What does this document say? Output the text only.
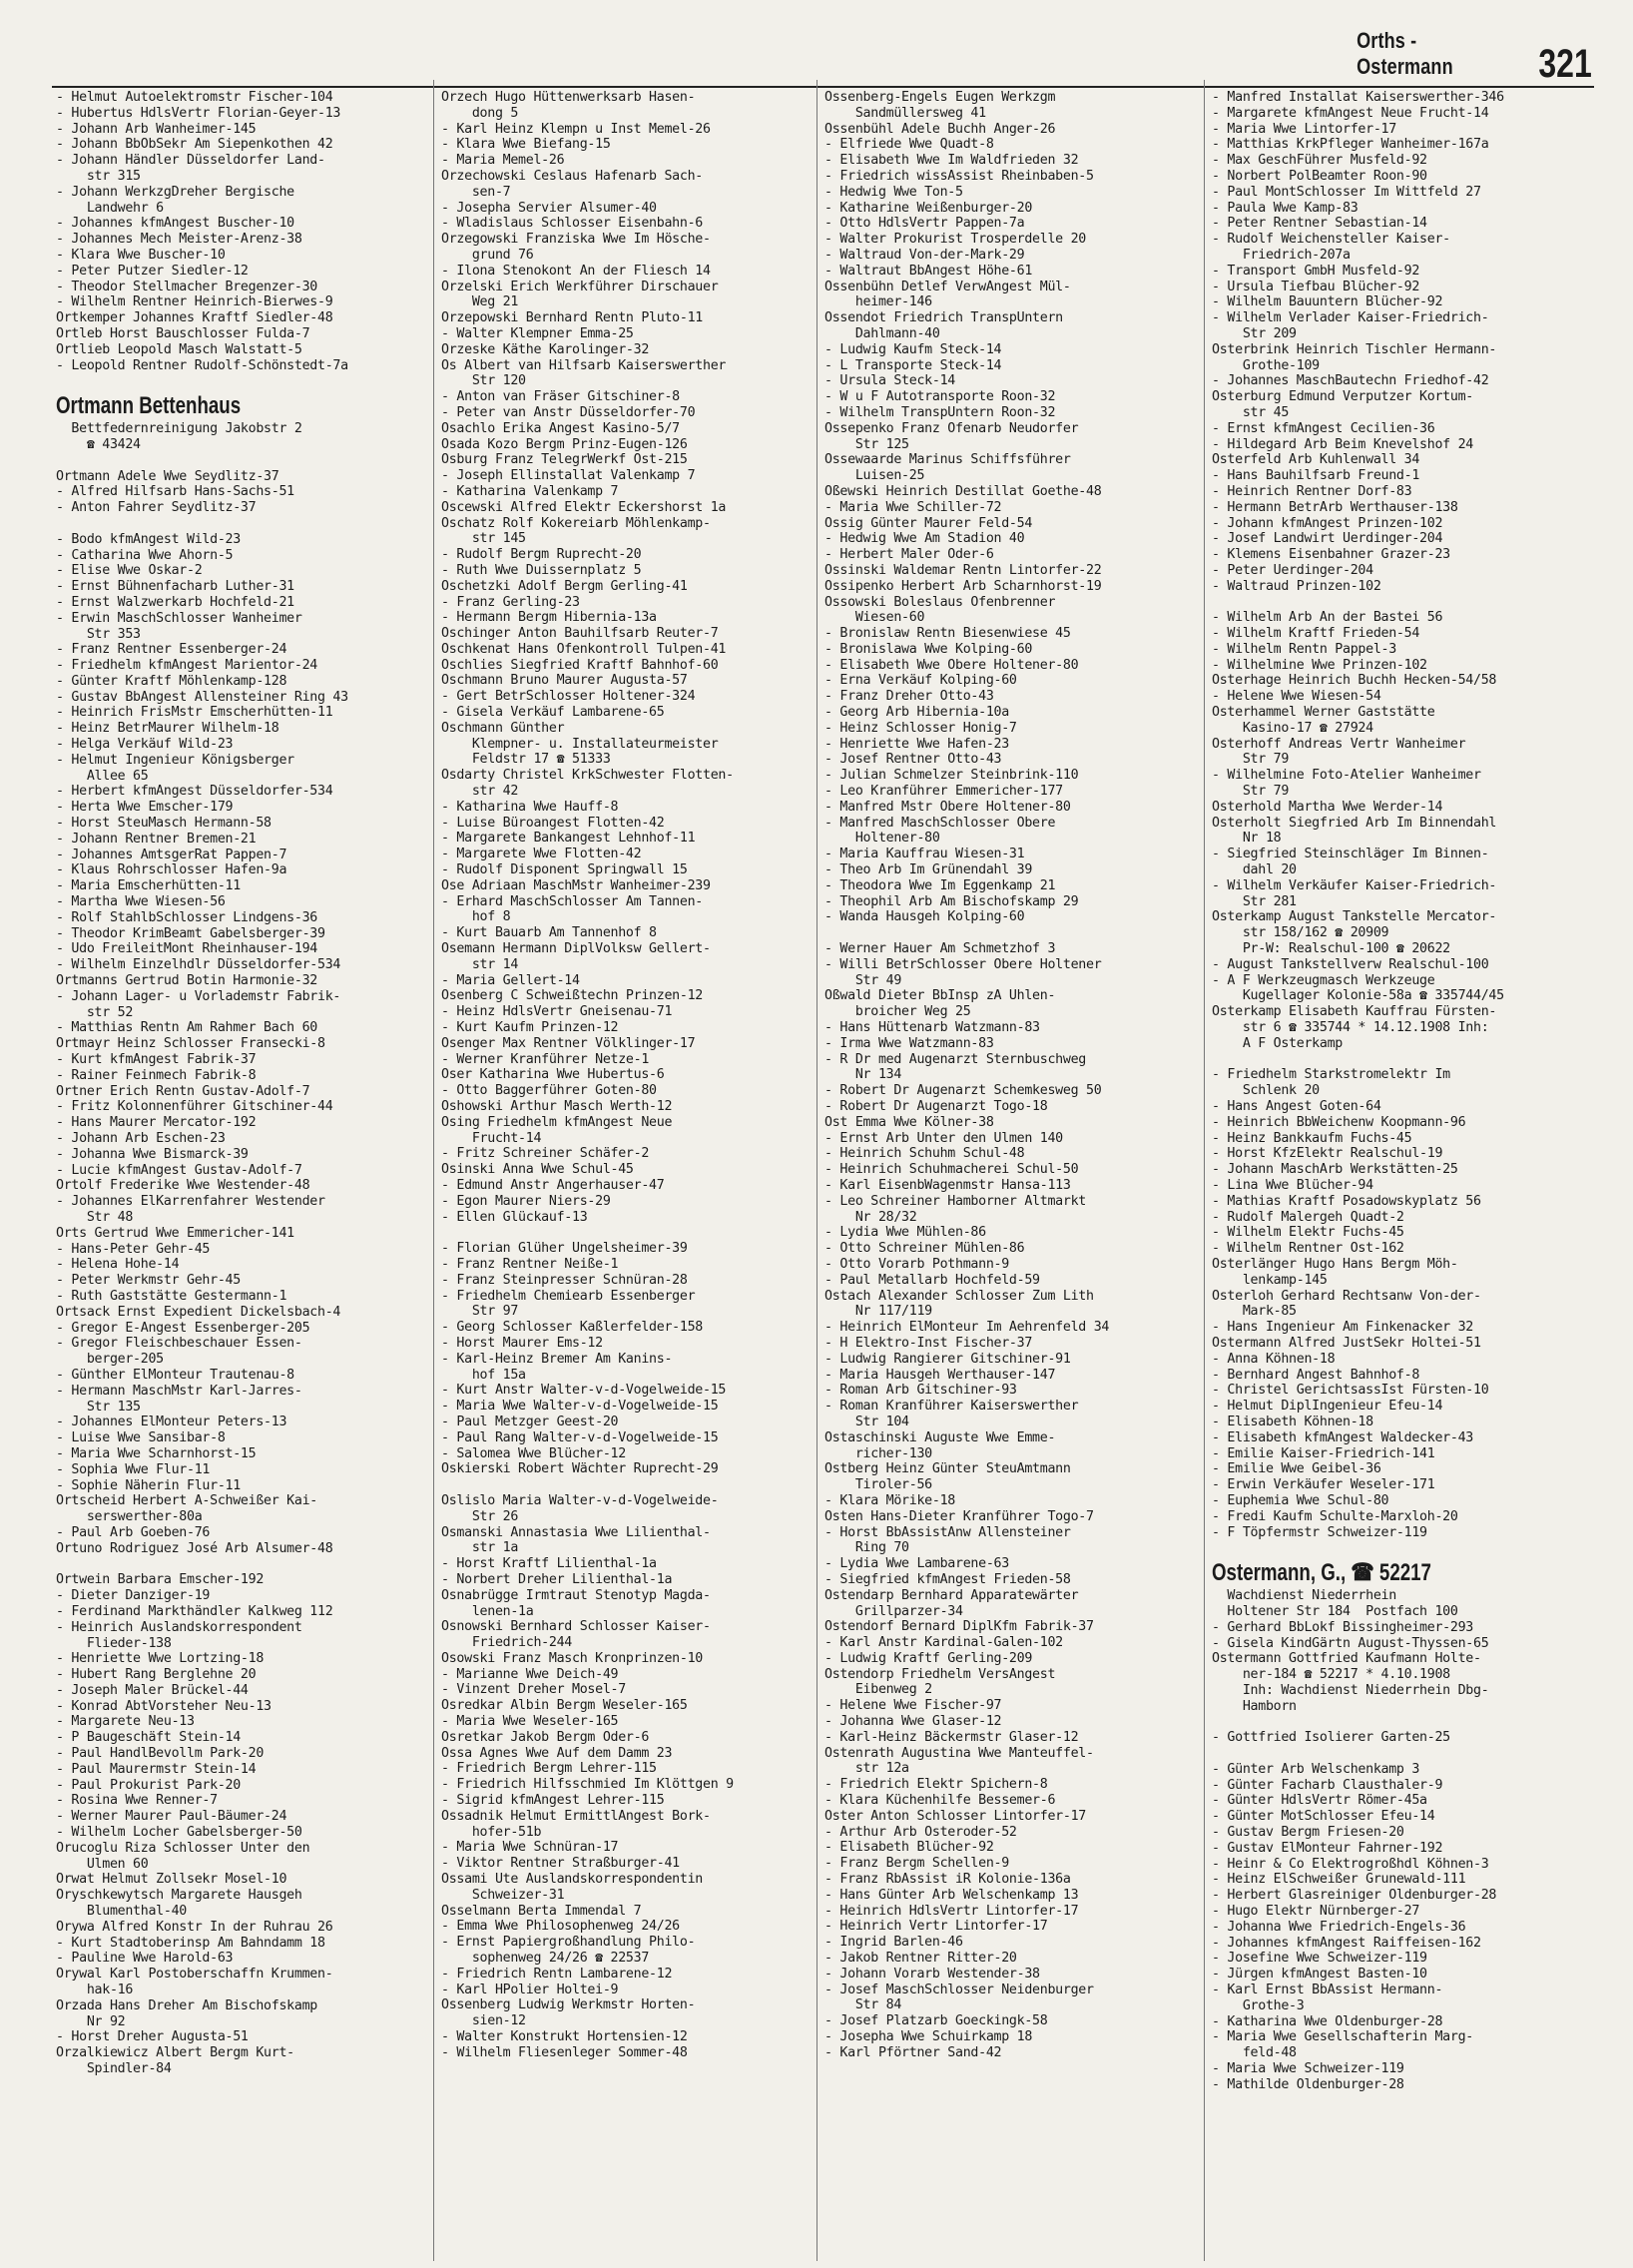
Orths - Ostermann	321
- Helmut Autoelektromstr Fischer-104
- Hubertus HdlsVertr Florian-Geyer-13
- Johann Arb Wanheimer-145
- Johann BbObSekr Am Siepenkothen 42
- Johann Händler Düsseldorfer Land-
str 315
- Johann WerkzgDreher Bergische
Landwehr 6
- Johannes kfmAngest Buscher-10
- Johannes Mech Meister-Arenz-38
- Klara Wwe Buscher-10
- Peter Putzer Siedler-12
- Theodor Stellmacher Bregenzer-30
- Wilhelm Rentner Heinrich-Bierwes-9
Ortkemper Johannes Kraftf Siedler-48
Ortleb Horst Bauschlosser Fulda-7
Ortlieb Leopold Masch Walstatt-5
- Leopold Rentner Rudolf-Schönstedt-7a

Ortmann Bettenhaus
Bettfedernreinigung Jakobstr 2
☎ 43424

Ortmann Adele Wwe Seydlitz-37
- Alfred Hilfsarb Hans-Sachs-51
- Anton Fahrer Seydlitz-37

- Bodo kfmAngest Wild-23
- Catharina Wwe Ahorn-5
- Elise Wwe Oskar-2
- Ernst Bühnenfacharb Luther-31
- Ernst Walzwerkarb Hochfeld-21
- Erwin MaschSchlosser Wanheimer
Str 353
- Franz Rentner Essenberger-24
- Friedhelm kfmAngest Marientor-24
- Günter Kraftf Möhlenkamp-128
- Gustav BbAngest Allensteiner Ring 43
- Heinrich FrisMstr Emscherhütten-11
- Heinz BetrMaurer Wilhelm-18
- Helga Verkäuf Wild-23
- Helmut Ingenieur Königsberger
Allee 65
- Herbert kfmAngest Düsseldorfer-534
- Herta Wwe Emscher-179
- Horst SteuMasch Hermann-58
- Johann Rentner Bremen-21
- Johannes AmtsgerRat Pappen-7
- Klaus Rohrschlosser Hafen-9a
- Maria Emscherhütten-11
- Martha Wwe Wiesen-56
- Rolf StahlbSchlosser Lindgens-36
- Theodor KrimBeamt Gabelsberger-39
- Udo FreileitMont Rheinhauser-194
- Wilhelm Einzelhdlr Düsseldorfer-534
Ortmanns Gertrud Botin Harmonie-32
- Johann Lager- u Vorlademstr Fabrik-
str 52
- Matthias Rentn Am Rahmer Bach 60
Ortmayr Heinz Schlosser Fransecki-8
- Kurt kfmAngest Fabrik-37
- Rainer Feinmech Fabrik-8
Ortner Erich Rentn Gustav-Adolf-7
- Fritz Kolonnenführer Gitschiner-44
- Hans Maurer Mercator-192
- Johann Arb Eschen-23
- Johanna Wwe Bismarck-39
- Lucie kfmAngest Gustav-Adolf-7
Ortolf Frederike Wwe Westender-48
- Johannes ElKarrenfahrer Westender
Str 48
Orts Gertrud Wwe Emmericher-141
- Hans-Peter Gehr-45
- Helena Hohe-14
- Peter Werkmstr Gehr-45
- Ruth Gaststätte Gestermann-1
Ortsack Ernst Expedient Dickelsbach-4
- Gregor E-Angest Essenberger-205
- Gregor Fleischbeschauer Essen-
berger-205
- Günther ElMonteur Trautenau-8
- Hermann MaschMstr Karl-Jarres-
Str 135
- Johannes ElMonteur Peters-13
- Luise Wwe Sansibar-8
- Maria Wwe Scharnhorst-15
- Sophia Wwe Flur-11
- Sophie Näherin Flur-11
Ortscheid Herbert A-Schweißer Kai-
serswerther-80a
- Paul Arb Goeben-76
Ortuno Rodriguez José Arb Alsumer-48

Ortwein Barbara Emscher-192
- Dieter Danziger-19
- Ferdinand Markthändler Kalkweg 112
- Heinrich Auslandskorrespondent
Flieder-138
- Henriette Wwe Lortzing-18
- Hubert Rang Berglehne 20
- Joseph Maler Brückel-44
- Konrad AbtVorsteher Neu-13
- Margarete Neu-13
- P Baugeschäft Stein-14
- Paul HandlBevollm Park-20
- Paul Maurermstr Stein-14
- Paul Prokurist Park-20
- Rosina Wwe Renner-7
- Werner Maurer Paul-Bäumer-24
- Wilhelm Locher Gabelsberger-50
Orucoglu Riza Schlosser Unter den
Ulmen 60
Orwat Helmut Zollsekr Mosel-10
Oryschkewytsch Margarete Hausgeh
Blumenthal-40
Orywa Alfred Konstr In der Ruhrau 26
- Kurt Stadtoberinsp Am Bahndamm 18
- Pauline Wwe Harold-63
Orywal Karl Postoberschaffn Krummen-
hak-16
Orzada Hans Dreher Am Bischofskamp
Nr 92
- Horst Dreher Augusta-51
Orzalkiewicz Albert Bergm Kurt-
Spindler-84
Orzech Hugo Hüttenwerksarb Hasen-
dong 5
- Karl Heinz Klempn u Inst Memel-26
- Klara Wwe Biefang-15
- Maria Memel-26
Orzechowski Ceslaus Hafenarb Sach-
sen-7
- Josepha Servier Alsumer-40
- Wladislaus Schlosser Eisenbahn-6
Orzegowski Franziska Wwe Im Hösche-
grund 76
- Ilona Stenokont An der Fliesch 14
Orzelski Erich Werkführer Dirschauer
Weg 21
Orzepowski Bernhard Rentn Pluto-11
- Walter Klempner Emma-25
Orzeske Käthe Karolinger-32
Os Albert van Hilfsarb Kaiserswerther
Str 120
- Anton van Fräser Gitschiner-8
- Peter van Anstr Düsseldorfer-70
Osachlo Erika Angest Kasino-5/7
Osada Kozo Bergm Prinz-Eugen-126
Osburg Franz TelegrWerkf Ost-215
- Joseph Ellinstallat Valenkamp 7
- Katharina Valenkamp 7
Oscewski Alfred Elektr Eckershorst 1a
Oschatz Rolf Kokereiarb Möhlenkamp-
str 145
- Rudolf Bergm Ruprecht-20
- Ruth Wwe Duissernplatz 5
Oschetzki Adolf Bergm Gerling-41
- Franz Gerling-23
- Hermann Bergm Hibernia-13a
Oschinger Anton Bauhilfsarb Reuter-7
Oschkenat Hans Ofenkontroll Tulpen-41
Oschlies Siegfried Kraftf Bahnhof-60
Oschmann Bruno Maurer Augusta-57
- Gert BetrSchlosser Holtener-324
- Gisela Verkäuf Lambarene-65
Oschmann Günther
Klempner- u. Installateurmeister
Feldstr 17 ☎ 51333
Osdarty Christel KrkSchwester Flotten-
str 42
- Katharina Wwe Hauff-8
- Luise Büroangest Flotten-42
- Margarete Bankangest Lehnhof-11
- Margarete Wwe Flotten-42
- Rudolf Disponent Springwall 15
Ose Adriaan MaschMstr Wanheimer-239
- Erhard MaschSchlosser Am Tannen-
hof 8
- Kurt Bauarb Am Tannenhof 8
Osemann Hermann DiplVolksw Gellert-
str 14
- Maria Gellert-14
Osenberg C Schweißtechn Prinzen-12
- Heinz HdlsVertr Gneisenau-71
- Kurt Kaufm Prinzen-12
Osenger Max Rentner Völklinger-17
- Werner Kranführer Netze-1
Oser Katharina Wwe Hubertus-6
- Otto Baggerführer Goten-80
Oshowski Arthur Masch Werth-12
Osing Friedhelm kfmAngest Neue
Frucht-14
- Fritz Schreiner Schäfer-2
Osinski Anna Wwe Schul-45
- Edmund Anstr Angerhauser-47
- Egon Maurer Niers-29
- Ellen Glückauf-13

- Florian Glüher Ungelsheimer-39
- Franz Rentner Neiße-1
- Franz Steinpresser Schnüran-28
- Friedhelm Chemiearb Essenberger
Str 97
- Georg Schlosser Kaßlerfelder-158
- Horst Maurer Ems-12
- Karl-Heinz Bremer Am Kanins-
hof 15a
- Kurt Anstr Walter-v-d-Vogelweide-15
- Maria Wwe Walter-v-d-Vogelweide-15
- Paul Metzger Geest-20
- Paul Rang Walter-v-d-Vogelweide-15
- Salomea Wwe Blücher-12
Oskierski Robert Wächter Ruprecht-29

Oslislo Maria Walter-v-d-Vogelweide-
Str 26
Osmanski Annastasia Wwe Lilienthal-
str 1a
- Horst Kraftf Lilienthal-1a
- Norbert Dreher Lilienthal-1a
Osnabrügge Irmtraut Stenotyp Magda-
lenen-1a
Osnowski Bernhard Schlosser Kaiser-
Friedrich-244
Osowski Franz Masch Kronprinzen-10
- Marianne Wwe Deich-49
- Vinzent Dreher Mosel-7
Osredkar Albin Bergm Weseler-165
- Maria Wwe Weseler-165
Osretkar Jakob Bergm Oder-6
Ossa Agnes Wwe Auf dem Damm 23
- Friedrich Bergm Lehrer-115
- Friedrich Hilfsschmied Im Klöttgen 9
- Sigrid kfmAngest Lehrer-115
Ossadnik Helmut ErmittlAngest Bork-
hofer-51b
- Maria Wwe Schnüran-17
- Viktor Rentner Straßburger-41
Ossami Ute Auslandskorrespondentin
Schweizer-31
Osselmann Berta Immendal 7
- Emma Wwe Philosophenweg 24/26
- Ernst Papiergroßhandlung Philo-
sophenweg 24/26 ☎ 22537
- Friedrich Rentn Lambarene-12
- Karl HPolier Holtei-9
Ossenberg Ludwig Werkmstr Horten-
sien-12
- Walter Konstrukt Hortensien-12
- Wilhelm Fliesenleger Sommer-48
Ossenberg-Engels Eugen Werkzgm
Sandmüllersweg 41
Ossenbühl Adele Buchh Anger-26
- Elfriede Wwe Quadt-8
- Elisabeth Wwe Im Waldfrieden 32
- Friedrich wissAssist Rheinbaben-5
- Hedwig Wwe Ton-5
- Katharine Weißenburger-20
- Otto HdlsVertr Pappen-7a
- Walter Prokurist Trosperdelle 20
- Waltraud Von-der-Mark-29
- Waltraut BbAngest Höhe-61
Ossenbühn Detlef VerwAngest Mül-
heimer-146
Ossendot Friedrich TranspUntern
Dahlmann-40
- Ludwig Kaufm Steck-14
- L Transporte Steck-14
- Ursula Steck-14
- W u F Autotransporte Roon-32
- Wilhelm TranspUntern Roon-32
Ossepenko Franz Ofenarb Neudorfer
Str 125
Ossewaarde Marinus Schiffsführer
Luisen-25
Oßewski Heinrich Destillat Goethe-48
- Maria Wwe Schiller-72
Ossig Günter Maurer Feld-54
- Hedwig Wwe Am Stadion 40
- Herbert Maler Oder-6
Ossinski Waldemar Rentn Lintorfer-22
Ossipenko Herbert Arb Scharnhorst-19
Ossowski Boleslaus Ofenbrenner
Wiesen-60
- Bronislaw Rentn Biesenwiese 45
- Bronislawa Wwe Kolping-60
- Elisabeth Wwe Obere Holtener-80
- Erna Verkäuf Kolping-60
- Franz Dreher Otto-43
- Georg Arb Hibernia-10a
- Heinz Schlosser Honig-7
- Henriette Wwe Hafen-23
- Josef Rentner Otto-43
- Julian Schmelzer Steinbrink-110
- Leo Kranführer Emmericher-177
- Manfred Mstr Obere Holtener-80
- Manfred MaschSchlosser Obere
Holtener-80
- Maria Kauffrau Wiesen-31
- Theo Arb Im Grünendahl 39
- Theodora Wwe Im Eggenkamp 21
- Theophil Arb Am Bischofskamp 29
- Wanda Hausgeh Kolping-60

- Werner Hauer Am Schmetzhof 3
- Willi BetrSchlosser Obere Holtener
Str 49
Oßwald Dieter BbInsp zA Uhlen-
broicher Weg 25
- Hans Hüttenarb Watzmann-83
- Irma Wwe Watzmann-83
- R Dr med Augenarzt Sternbuschweg
Nr 134
- Robert Dr Augenarzt Schemkesweg 50
- Robert Dr Augenarzt Togo-18
Ost Emma Wwe Kölner-38
- Ernst Arb Unter den Ulmen 140
- Heinrich Schuhm Schul-48
- Heinrich Schuhmacherei Schul-50
- Karl EisenbWagenmstr Hansa-113
- Leo Schreiner Hamborner Altmarkt
Nr 28/32
- Lydia Wwe Mühlen-86
- Otto Schreiner Mühlen-86
- Otto Vorarb Pothmann-9
- Paul Metallarb Hochfeld-59
Ostach Alexander Schlosser Zum Lith
Nr 117/119
- Heinrich ElMonteur Im Aehrenfeld 34
- H Elektro-Inst Fischer-37
- Ludwig Rangierer Gitschiner-91
- Maria Hausgeh Werthauser-147
- Roman Arb Gitschiner-93
- Roman Kranführer Kaiserswerther
Str 104
Ostaschinski Auguste Wwe Emme-
richer-130
Ostberg Heinz Günter SteuAmtmann
Tiroler-56
- Klara Mörike-18
Osten Hans-Dieter Kranführer Togo-7
- Horst BbAssistAnw Allensteiner
Ring 70
- Lydia Wwe Lambarene-63
- Siegfried kfmAngest Frieden-58
Ostendarp Bernhard Apparatewärter
Grillparzer-34
Ostendorf Bernard DiplKfm Fabrik-37
- Karl Anstr Kardinal-Galen-102
- Ludwig Kraftf Gerling-209
Ostendorp Friedhelm VersAngest
Eibenweg 2
- Helene Wwe Fischer-97
- Johanna Wwe Glaser-12
- Karl-Heinz Bäckermstr Glaser-12
Ostenrath Augustina Wwe Manteuffel-
str 12a
- Friedrich Elektr Spichern-8
- Klara Küchenhilfe Bessemer-6
Oster Anton Schlosser Lintorfer-17
- Arthur Arb Osteroder-52
- Elisabeth Blücher-92
- Franz Bergm Schellen-9
- Franz RbAssist iR Kolonie-136a
- Hans Günter Arb Welschenkamp 13
- Heinrich HdlsVertr Lintorfer-17
- Heinrich Vertr Lintorfer-17
- Ingrid Barlen-46
- Jakob Rentner Ritter-20
- Johann Vorarb Westender-38
- Josef MaschSchlosser Neidenburger
Str 84
- Josef Platzarb Goeckingk-58
- Josepha Wwe Schuirkamp 18
- Karl Pförtner Sand-42
- Manfred Installat Kaiserswerther-346
- Margarete kfmAngest Neue Frucht-14
- Maria Wwe Lintorfer-17
- Matthias KrkPfleger Wanheimer-167a
- Max GeschFührer Musfeld-92
- Norbert PolBeamter Roon-90
- Paul MontSchlosser Im Wittfeld 27
- Paula Wwe Kamp-83
- Peter Rentner Sebastian-14
- Rudolf Weichensteller Kaiser-
Friedrich-207a
- Transport GmbH Musfeld-92
- Ursula Tiefbau Blücher-92
- Wilhelm Bauuntern Blücher-92
- Wilhelm Verlader Kaiser-Friedrich-
Str 209
Osterbrink Heinrich Tischler Hermann-
Grothe-109
- Johannes MaschBautechn Friedhof-42
Osterburg Edmund Verputzer Kortum-
str 45
- Ernst kfmAngest Cecilien-36
- Hildegard Arb Beim Knevelshof 24
Osterfeld Arb Kuhlenwall 34
- Hans Bauhilfsarb Freund-1
- Heinrich Rentner Dorf-83
- Hermann BetrArb Werthauser-138
- Johann kfmAngest Prinzen-102
- Josef Landwirt Uerdinger-204
- Klemens Eisenbahner Grazer-23
- Peter Uerdinger-204
- Waltraud Prinzen-102

- Wilhelm Arb An der Bastei 56
- Wilhelm Kraftf Frieden-54
- Wilhelm Rentn Pappel-3
- Wilhelmine Wwe Prinzen-102
Osterhage Heinrich Buchh Hecken-54/58
- Helene Wwe Wiesen-54
Osterhammel Werner Gaststätte
Kasino-17 ☎ 27924
Osterhoff Andreas Vertr Wanheimer
Str 79
- Wilhelmine Foto-Atelier Wanheimer
Str 79
Osterhold Martha Wwe Werder-14
Osterholt Siegfried Arb Im Binnendahl
Nr 18
- Siegfried Steinschläger Im Binnen-
dahl 20
- Wilhelm Verkäufer Kaiser-Friedrich-
Str 281
Osterkamp August Tankstelle Mercator-
str 158/162 ☎ 20909
Pr-W: Realschul-100 ☎ 20622
- August Tankstellverw Realschul-100
- A F Werkzeugmasch Werkzeuge
Kugellager Kolonie-58a ☎ 335744/45
Osterkamp Elisabeth Kauffrau Fürsten-
str 6 ☎ 335744 * 14.12.1908 Inh:
A F Osterkamp

- Friedhelm Starkstromelektr Im
Schlenk 20
- Hans Angest Goten-64
- Heinrich BbWeichenw Koopmann-96
- Heinz Bankkaufm Fuchs-45
- Horst KfzElektr Realschul-19
- Johann MaschArb Werkstätten-25
- Lina Wwe Blücher-94
- Mathias Kraftf Posadowskyplatz 56
- Rudolf Malergeh Quadt-2
- Wilhelm Elektr Fuchs-45
- Wilhelm Rentner Ost-162
Osterlänger Hugo Hans Bergm Möh-
lenkamp-145
Osterloh Gerhard Rechtsanw Von-der-
Mark-85
- Hans Ingenieur Am Finkenacker 32
Ostermann Alfred JustSekr Holtei-51
- Anna Köhnen-18
- Bernhard Angest Bahnhof-8
- Christel GerichtsassIst Fürsten-10
- Helmut DiplIngenieur Efeu-14
- Elisabeth Köhnen-18
- Elisabeth kfmAngest Waldecker-43
- Emilie Kaiser-Friedrich-141
- Emilie Wwe Geibel-36
- Erwin Verkäufer Weseler-171
- Euphemia Wwe Schul-80
- Fredi Kaufm Schulte-Marxloh-20
- F Töpfermstr Schweizer-119

Ostermann, G., ☎ 52217
Wachdienst Niederrhein
Holtener Str 184  Postfach 100
- Gerhard BbLokf Bissingheimer-293
- Gisela KindGärtn August-Thyssen-65
Ostermann Gottfried Kaufmann Holte-
ner-184 ☎ 52217 * 4.10.1908
Inh: Wachdienst Niederrhein Dbg-
Hamborn

- Gottfried Isolierer Garten-25

- Günter Arb Welschenkamp 3
- Günter Facharb Clausthaler-9
- Günter HdlsVertr Römer-45a
- Günter MotSchlosser Efeu-14
- Gustav Bergm Friesen-20
- Gustav ElMonteur Fahrner-192
- Heinr & Co Elektrogroßhdl Köhnen-3
- Heinz ElSchweißer Grunewald-111
- Herbert Glasreiniger Oldenburger-28
- Hugo Elektr Nürnberger-27
- Johanna Wwe Friedrich-Engels-36
- Johannes kfmAngest Raiffeisen-162
- Josefine Wwe Schweizer-119
- Jürgen kfmAngest Basten-10
- Karl Ernst BbAssist Hermann-
Grothe-3
- Katharina Wwe Oldenburger-28
- Maria Wwe Gesellschafterin Marg-
feld-48
- Maria Wwe Schweizer-119
- Mathilde Oldenburger-28
